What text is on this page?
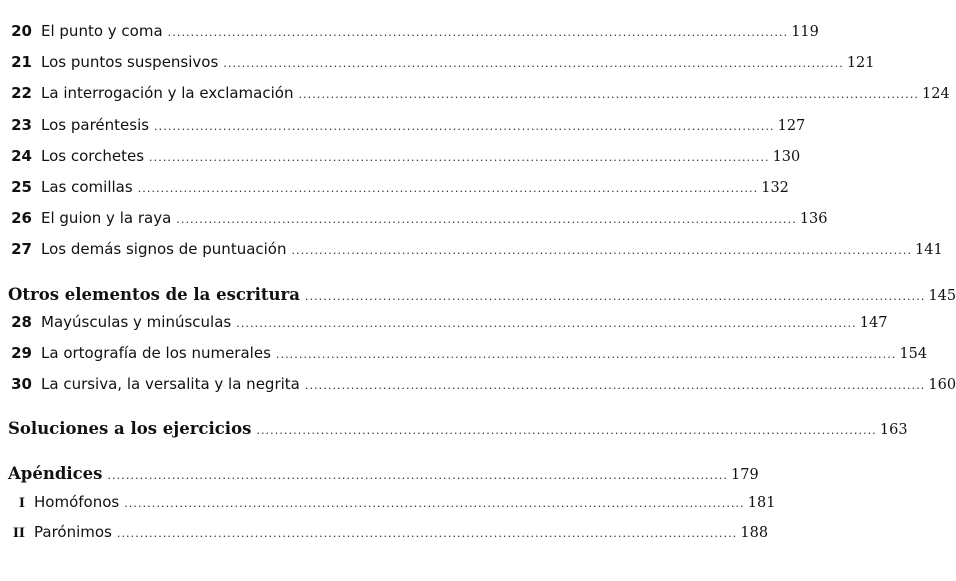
20 El punto y coma ....................................................................................................................................... 119
21 Los puntos suspensivos ....................................................................................................................................... 121
22 La interrogación y la exclamación ....................................................................................................................................... 124
23 Los paréntesis ....................................................................................................................................... 127
24 Los corchetes ....................................................................................................................................... 130
25 Las comillas ....................................................................................................................................... 132
26 El guion y la raya ....................................................................................................................................... 136
27 Los demás signos de puntuación ....................................................................................................................................... 141
Otros elementos de la escritura ....................................................................................................................................... 145
28 Mayúsculas y minúsculas ....................................................................................................................................... 147
29 La ortografía de los numerales ....................................................................................................................................... 154
30 La cursiva, la versalita y la negrita ....................................................................................................................................... 160
Soluciones a los ejercicios ....................................................................................................................................... 163
Apéndices ....................................................................................................................................... 179
I Homófonos ....................................................................................................................................... 181
II Parónimos ....................................................................................................................................... 188
